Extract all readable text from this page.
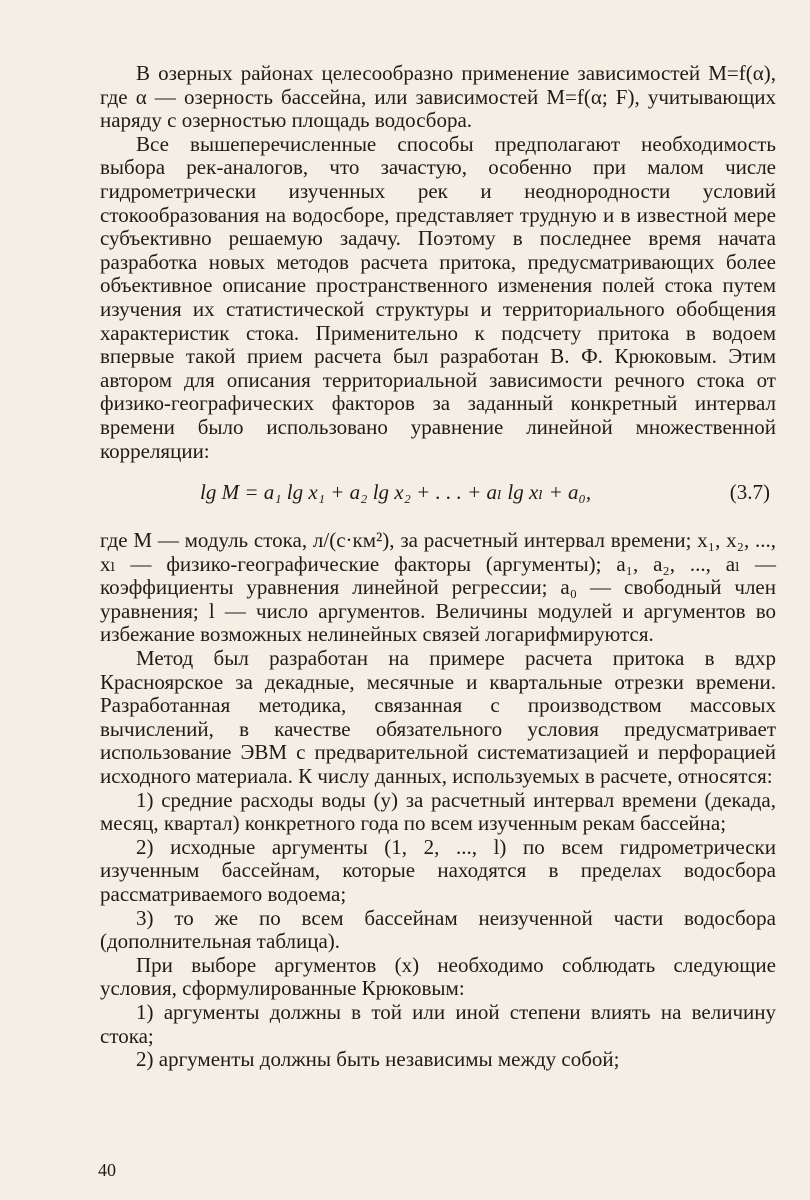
В озерных районах целесообразно применение зависимостей M=f(α), где α — озерность бассейна, или зависимостей M=f(α; F), учитывающих наряду с озерностью площадь водосбора.

Все вышеперечисленные способы предполагают необходимость выбора рек-аналогов, что зачастую, особенно при малом числе гидрометрически изученных рек и неоднородности условий стокообразования на водосборе, представляет трудную и в известной мере субъективно решаемую задачу. Поэтому в последнее время начата разработка новых методов расчета притока, предусматривающих более объективное описание пространственного изменения полей стока путем изучения их статистической структуры и территориального обобщения характеристик стока. Применительно к подсчету притока в водоем впервые такой прием расчета был разработан В. Ф. Крюковым. Этим автором для описания территориальной зависимости речного стока от физико-географических факторов за заданный конкретный интервал времени было использовано уравнение линейной множественной корреляции:

lg M = a₁ lg x₁ + a₂ lg x₂ + . . . + aₗ lg xₗ + a₀,	(3.7)

где M — модуль стока, л/(с·км²), за расчетный интервал времени; x₁, x₂, ..., xₗ — физико-географические факторы (аргументы); a₁, a₂, ..., aₗ — коэффициенты уравнения линейной регрессии; a₀ — свободный член уравнения; l — число аргументов. Величины модулей и аргументов во избежание возможных нелинейных связей логарифмируются.

Метод был разработан на примере расчета притока в вдхр Красноярское за декадные, месячные и квартальные отрезки времени. Разработанная методика, связанная с производством массовых вычислений, в качестве обязательного условия предусматривает использование ЭВМ с предварительной систематизацией и перфорацией исходного материала. К числу данных, используемых в расчете, относятся:

1) средние расходы воды (y) за расчетный интервал времени (декада, месяц, квартал) конкретного года по всем изученным рекам бассейна;

2) исходные аргументы (1, 2, ..., l) по всем гидрометрически изученным бассейнам, которые находятся в пределах водосбора рассматриваемого водоема;

3) то же по всем бассейнам неизученной части водосбора (дополнительная таблица).

При выборе аргументов (x) необходимо соблюдать следующие условия, сформулированные Крюковым:

1) аргументы должны в той или иной степени влиять на величину стока;

2) аргументы должны быть независимы между собой;

40
